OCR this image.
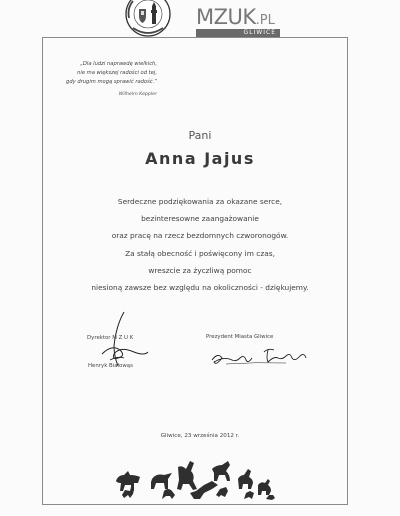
MZUK.PL
GLIWICE
„Dla ludzi naprawdę wielkich,
nie ma większej radości od tej,
gdy drugim mogą sprawić radość.”
Wilhelm Keppler
Pani
Anna Jajus
Serdeczne podziękowania za okazane serce,
bezinteresowne zaangażowanie
oraz pracę na rzecz bezdomnych czworonogów.
Za stałą obecność i poświęcony im czas,
wreszcie za życzliwą pomoc
niesioną zawsze bez względu na okoliczności - dziękujemy.
Dyrektor M Z U K
Henryk Białowąs
Prezydent Miasta Gliwice
Gliwice, 23 września 2012 r.
